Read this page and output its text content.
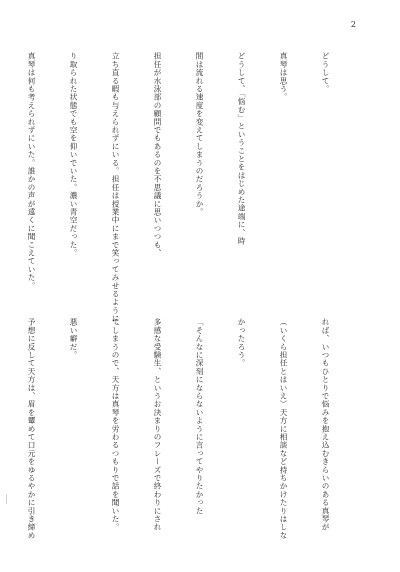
2

どうして。

真琴は思う。

どうして、「悩む」ということをはじめた途端に、時

間は流れる速度を変えてしまうのだろうか。

担任が水泳部の顧問でもあるのを不思議に思いつつも、

立ち直る暇も与えられずにいる。担任は授業中にまで笑ってみせるように、

り取られた状態でも空を仰いでいた。濃い青空だった。

真琴は何も考えられずにいた。誰かの声が遠くに聞こえていた。

れば、いつもひとりで悩みを抱え込むきらいのある真琴が

（いくら担任とはいえ）天方に相談など持ちかけたりはしな

かったろう。

「そんなに深刻にならないように言ってやりたかった

多感な受験生、というお決まりのフレーズで終わりにされ

てしまうので、天方は真琴を労わるつもりで話を聞いた。

悪い癖だ。

予想に反して天方は、眉を顰めて口元をゆるやかに引き締め
